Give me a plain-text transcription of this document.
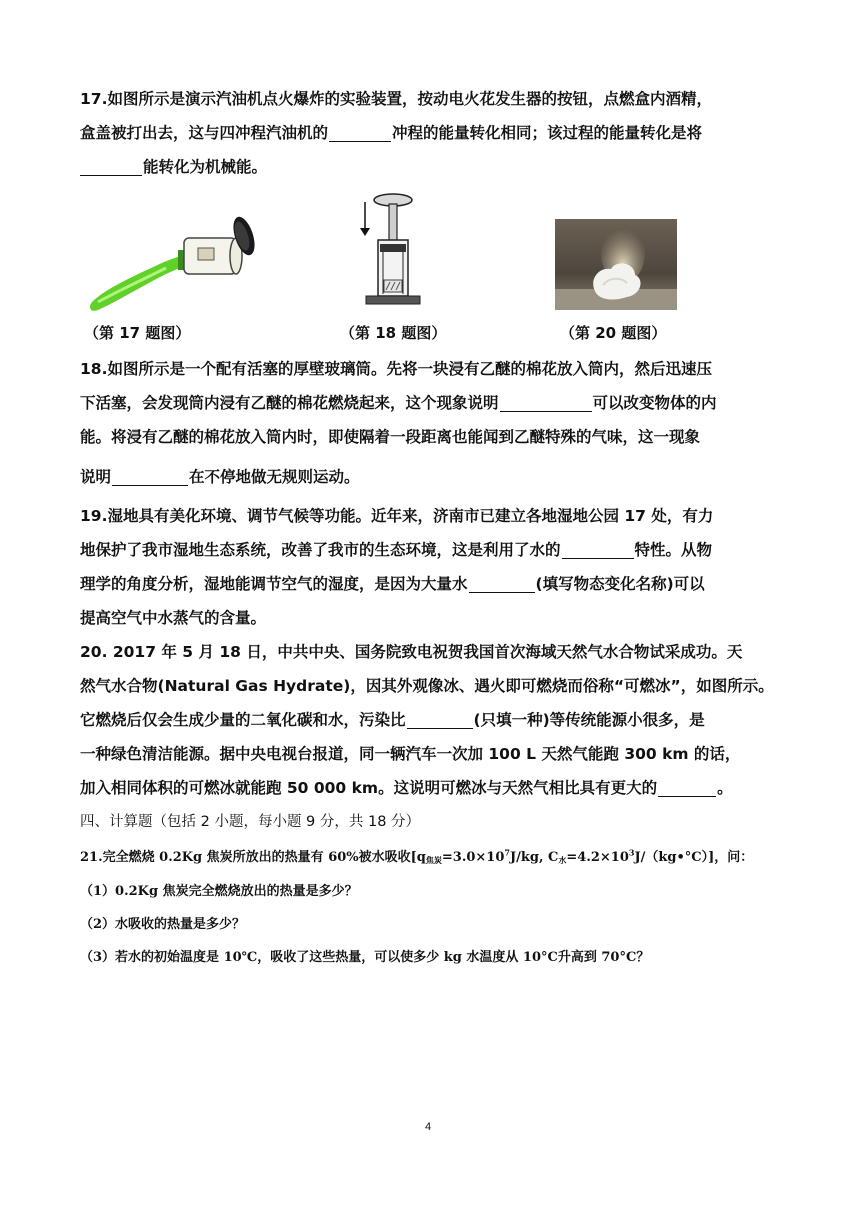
17.如图所示是演示汽油机点火爆炸的实验装置，按动电火花发生器的按钮，点燃盒内酒精，
盒盖被打出去，这与四冲程汽油机的	冲程的能量转化相同；该过程的能量转化是将
能转化为机械能。
（第 17 题图）	（第 18 题图）	（第 20 题图）
18.如图所示是一个配有活塞的厚壁玻璃筒。先将一块浸有乙醚的棉花放入筒内，然后迅速压
下活塞，会发现筒内浸有乙醚的棉花燃烧起来，这个现象说明	可以改变物体的内
能。将浸有乙醚的棉花放入筒内时，即使隔着一段距离也能闻到乙醚特殊的气味，这一现象
说明	在不停地做无规则运动。
19.湿地具有美化环境、调节气候等功能。近年来，济南市已建立各地湿地公园 17 处，有力
地保护了我市湿地生态系统，改善了我市的生态环境，这是利用了水的	特性。从物
理学的角度分析，湿地能调节空气的湿度，是因为大量水	(填写物态变化名称)可以
提高空气中水蒸气的含量。
20. 2017 年 5 月 18 日，中共中央、国务院致电祝贺我国首次海域天然气水合物试采成功。天
然气水合物(Natural Gas Hydrate)，因其外观像冰、遇火即可燃烧而俗称“可燃冰”，如图所示。
它燃烧后仅会生成少量的二氧化碳和水，污染比	(只填一种)等传统能源小很多，是
一种绿色清洁能源。据中央电视台报道，同一辆汽车一次加 100 L 天然气能跑 300 km 的话，
加入相同体积的可燃冰就能跑 50 000 km。这说明可燃冰与天然气相比具有更大的	。
四、计算题（包括 2 小题，每小题 9 分，共 18 分）
21.完全燃烧 0.2Kg 焦炭所放出的热量有 60%被水吸收[$q_{焦炭}=3.0\times 10^7J/kg$, $C_水=4.2\times 10^3J/(kg•^\circ C)$]，问：
（1）0.2Kg 焦炭完全燃烧放出的热量是多少？
（2）水吸收的热量是多少？
（3）若水的初始温度是 10℃，吸收了这些热量，可以使多少 kg 水温度从 10°C升高到 70°C？
4
